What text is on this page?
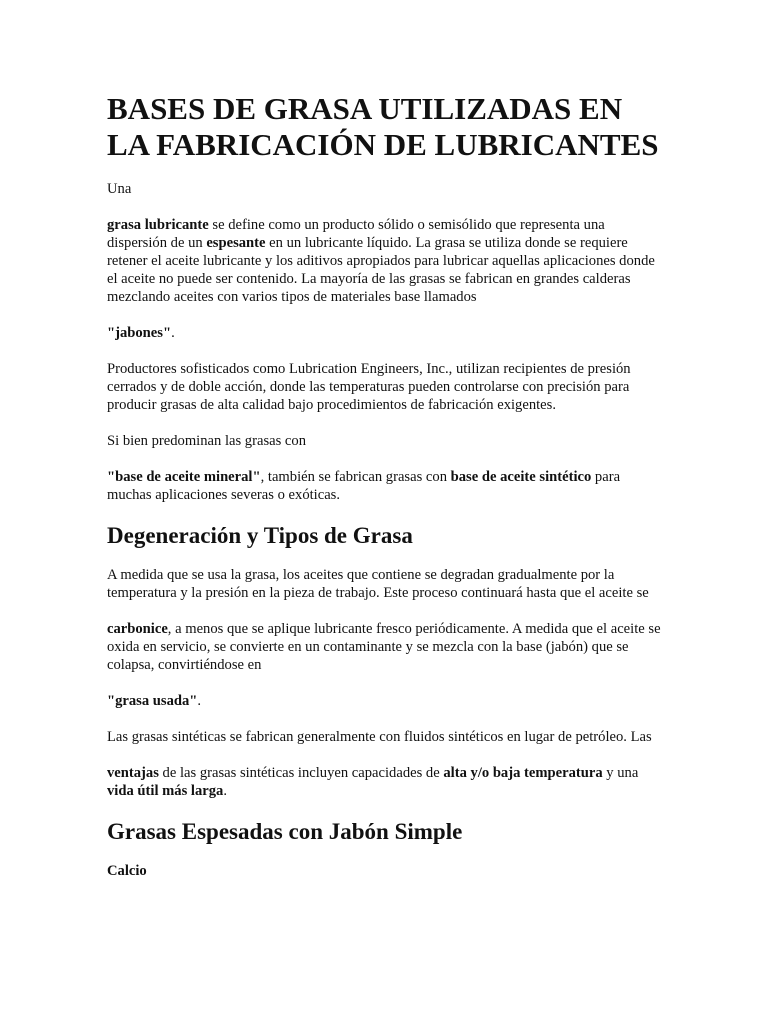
BASES DE GRASA UTILIZADAS EN LA FABRICACIÓN DE LUBRICANTES

Una

grasa lubricante se define como un producto sólido o semisólido que representa una dispersión de un espesante en un lubricante líquido. La grasa se utiliza donde se requiere retener el aceite lubricante y los aditivos apropiados para lubricar aquellas aplicaciones donde el aceite no puede ser contenido. La mayoría de las grasas se fabrican en grandes calderas mezclando aceites con varios tipos de materiales base llamados

"jabones".

Productores sofisticados como Lubrication Engineers, Inc., utilizan recipientes de presión cerrados y de doble acción, donde las temperaturas pueden controlarse con precisión para producir grasas de alta calidad bajo procedimientos de fabricación exigentes.

Si bien predominan las grasas con

"base de aceite mineral", también se fabrican grasas con base de aceite sintético para muchas aplicaciones severas o exóticas.

Degeneración y Tipos de Grasa

A medida que se usa la grasa, los aceites que contiene se degradan gradualmente por la temperatura y la presión en la pieza de trabajo. Este proceso continuará hasta que el aceite se

carbonice, a menos que se aplique lubricante fresco periódicamente. A medida que el aceite se oxida en servicio, se convierte en un contaminante y se mezcla con la base (jabón) que se colapsa, convirtiéndose en

"grasa usada".

Las grasas sintéticas se fabrican generalmente con fluidos sintéticos en lugar de petróleo. Las

ventajas de las grasas sintéticas incluyen capacidades de alta y/o baja temperatura y una vida útil más larga.

Grasas Espesadas con Jabón Simple

Calcio
